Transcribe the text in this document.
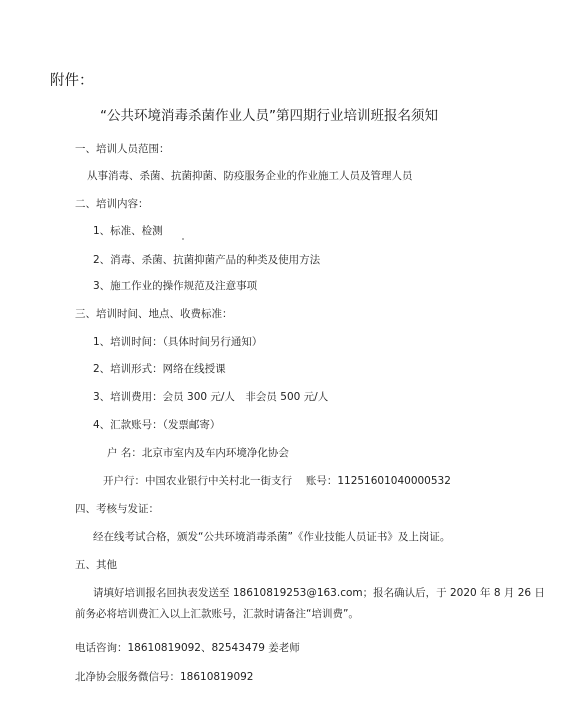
附件：
“公共环境消毒杀菌作业人员”第四期行业培训班报名须知
一、培训人员范围：
从事消毒、杀菌、抗菌抑菌、防疫服务企业的作业施工人员及管理人员
二、培训内容：
1、标准、检测
2、消毒、杀菌、抗菌抑菌产品的种类及使用方法
3、施工作业的操作规范及注意事项
三、培训时间、地点、收费标准：
1、培训时间：（具体时间另行通知）
2、培训形式：网络在线授课
3、培训费用：会员 300 元/人　非会员 500 元/人
4、汇款账号：（发票邮寄）
户 名：北京市室内及车内环境净化协会
开户行：中国农业银行中关村北一街支行　 账号：11251601040000532
四、考核与发证：
经在线考试合格，颁发“公共环境消毒杀菌”《作业技能人员证书》及上岗证。
五、其他
请填好培训报名回执表发送至 18610819253@163.com；报名确认后，于 2020 年 8 月 26 日
前务必将培训费汇入以上汇款账号，汇款时请备注“培训费”。
电话咨询：18610819092、82543479 姜老师
北净协会服务微信号：18610819092
